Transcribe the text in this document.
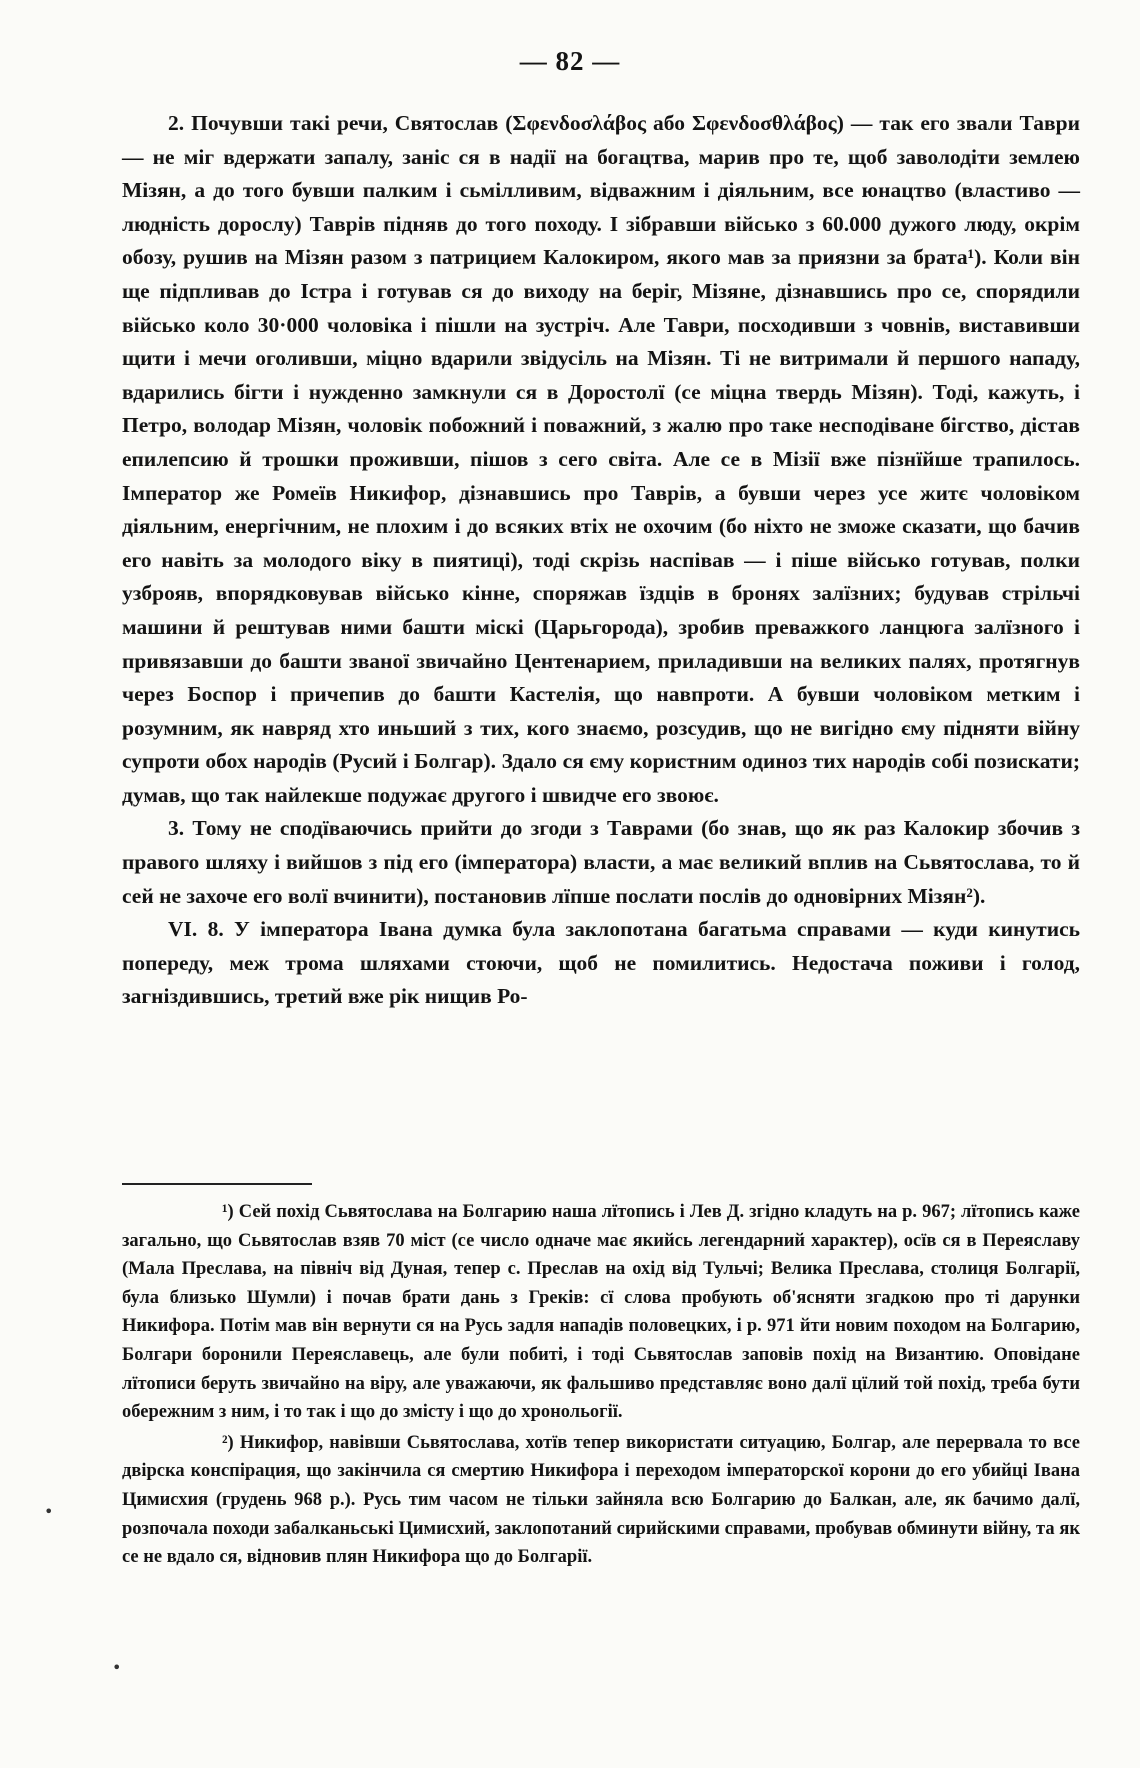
— 82 —

2. Почувши такі речи, Святослав (Σφενδοσλάβος або Σφενδοσθλάβος) — так его звали Таври — не міг вдержати запалу, заніс ся в надії на богацтва, марив про те, щоб заволодіти землею Мізян, а до того бувши палким і сьмілливим, відважним і діяльним, все юнацтво (властиво — людність дорослу) Таврів підняв до того походу. І зібравши військо з 60.000 дужого люду, окрім обозу, рушив на Мізян разом з патрицием Калокиром, якого мав за приязни за брата¹). Коли він ще підпливав до Істра і готував ся до виходу на беріг, Мізяне, дізнавшись про се, спорядили військо коло 30·000 чоловіка і пішли на зустріч. Але Таври, посходивши з човнів, виставивши щити і мечи оголивши, міцно вдарили звідусіль на Мізян. Ті не витримали й першого нападу, вдарились бігти і нужденно замкнули ся в Доростолї (се міцна твердь Мізян). Тоді, кажуть, і Петро, володар Мізян, чоловік побожний і поважний, з жалю про таке несподіване бігство, дістав епилепсию й трошки проживши, пішов з сего світа. Але се в Мізії вже пізнїйше трапилось. Імператор же Ромеїв Никифор, дізнавшись про Таврів, а бувши через усе житє чоловіком діяльним, енергічним, не плохим і до всяких втіх не охочим (бо ніхто не зможе сказати, що бачив его навіть за молодого віку в пиятиці), тоді скрізь наспівав — і піше військо готував, полки узброяв, впорядковував військо кінне, споряжав їздців в бронях залїзних; будував стрільчі машини й рештував ними башти міскі (Царьгорода), зробив преважкого ланцюга залїзного і привязавши до башти званої звичайно Центенарием, приладивши на великих палях, протягнув через Боспор і причепив до башти Кастелія, що навпроти. А бувши чоловіком метким і розумним, як навряд хто иньший з тих, кого знаємо, розсудив, що не вигідно єму підняти війну супроти обох народів (Русий і Болгар). Здало ся єму користним одиноз тих народів собі позискати; думав, що так найлекше подужає другого і швидче его звоює.

3. Тому не сподїваючись прийти до згоди з Таврами (бо знав, що як раз Калокир збочив з правого шляху і вийшов з під его (імператора) власти, а має великий вплив на Сьвятослава, то й сей не захоче его волї вчинити), постановив лїпше послати послів до одновірних Мізян²).

VI. 8. У імператора Івана думка була заклопотана багатьма справами — куди кинутись попереду, меж трома шляхами стоючи, щоб не помилитись. Недостача поживи і голод, загніздившись, третий вже рік нищив Ро-

¹) Сей похід Сьвятослава на Болгарию наша лїтопись і Лев Д. згідно кладуть на р. 967; лїтопись каже загально, що Сьвятослав взяв 70 міст (се число одначе має якийсь легендарний характер), осїв ся в Переяславу (Мала Преслава, на північ від Дуная, тепер с. Преслав на охід від Тульчі; Велика Преслава, столиця Болгарії, була близько Шумли) і почав брати дань з Греків: сї слова пробують об'ясняти згадкою про ті дарунки Никифора. Потім мав він вернути ся на Русь задля нападів половецких, і р. 971 йти новим походом на Болгарию, Болгари боронили Переяславець, але були побиті, і тоді Сьвятослав заповів похід на Византию. Оповідане лїтописи беруть звичайно на віру, але уважаючи, як фальшиво представляє воно далї цїлий той похід, треба бути обережним з ним, і то так і що до змісту і що до хронольогії.

²) Никифор, навівши Сьвятослава, хотїв тепер використати ситуацию, Болгар, але перервала то все двірска конспірация, що закінчила ся смертию Никифора і переходом імператорскої корони до его убийці Івана Цимисхия (грудень 968 р.). Русь тим часом не тільки зайняла всю Болгарию до Балкан, але, як бачимо далї, розпочала походи забалканьські Цимисхий, заклопотаний сирийскими справами, пробував обминути війну, та як се не вдало ся, відновив плян Никифора що до Болгарії.

•
•
